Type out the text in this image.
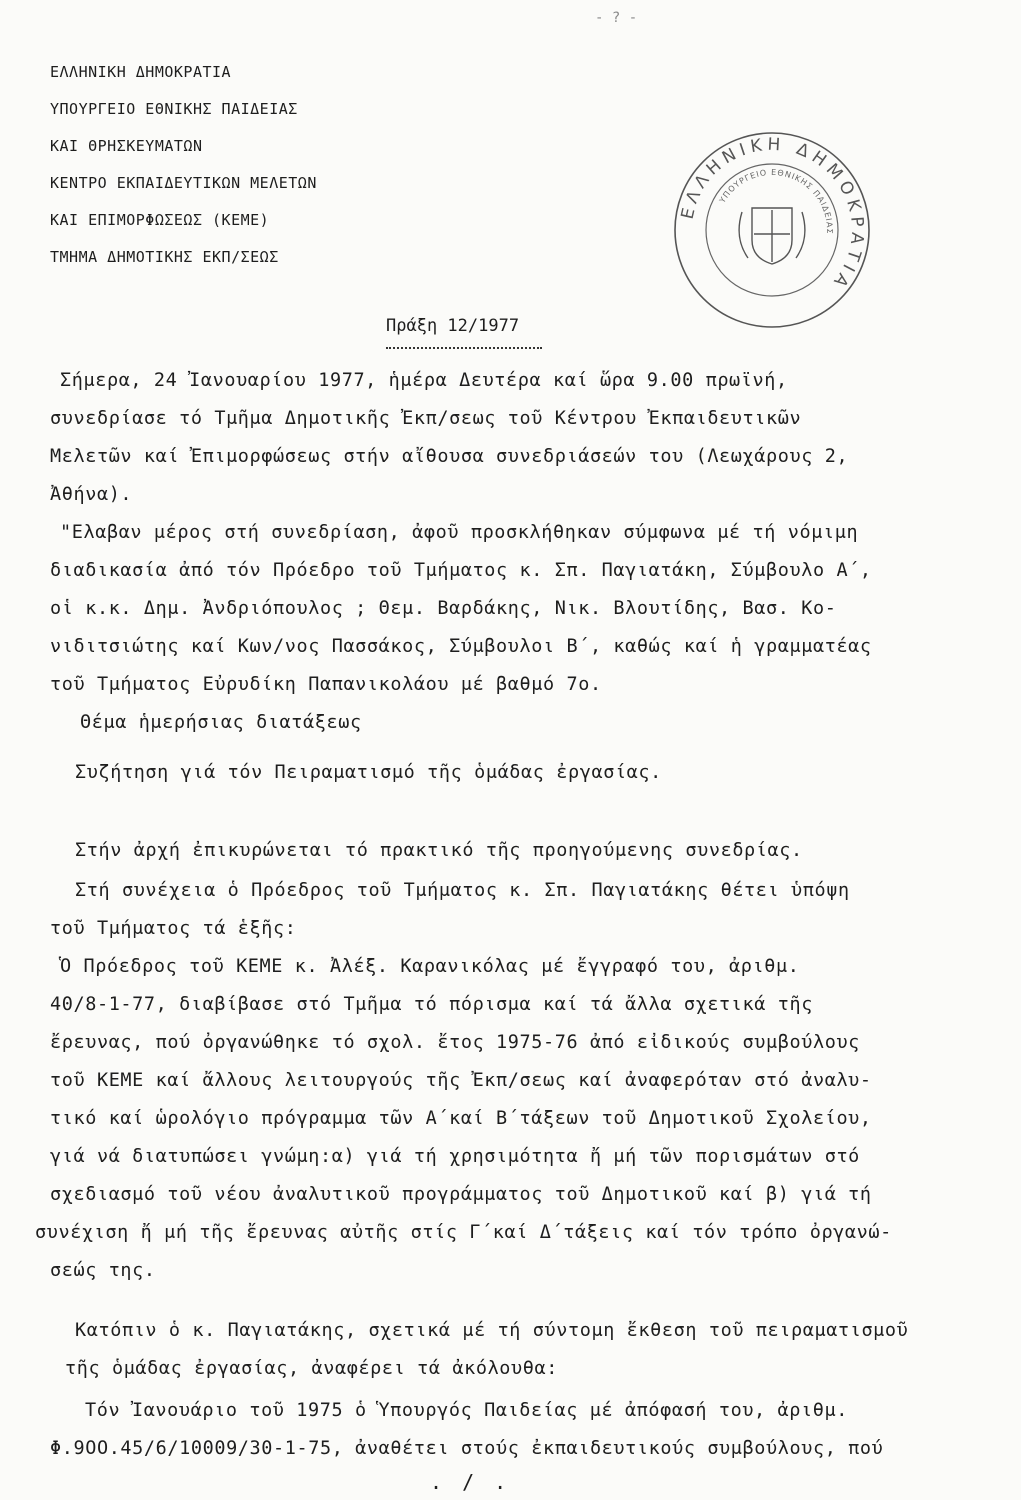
- ? -
ΕΛΛΗΝΙΚΗ ΔΗΜΟΚΡΑΤΙΑ
ΥΠΟΥΡΓΕΙΟ ΕΘΝΙΚΗΣ ΠΑΙΔΕΙΑΣ
ΚΑΙ ΘΡΗΣΚΕΥΜΑΤΩΝ
ΚΕΝΤΡΟ ΕΚΠΑΙΔΕΥΤΙΚΩΝ ΜΕΛΕΤΩΝ
ΚΑΙ ΕΠΙΜΟΡΦΩΣΕΩΣ (ΚΕΜΕ)
ΤΜΗΜΑ ΔΗΜΟΤΙΚΗΣ ΕΚΠ/ΣΕΩΣ
ΕΛΛΗΝΙΚΗ ΔΗΜΟΚΡΑΤΙΑ
ΥΠΟΥΡΓΕΙΟ ΕΘΝΙΚΗΣ ΠΑΙΔΕΙΑΣ
Πράξη 12/1977
Σήμερα, 24 Ἰανουαρίου 1977, ἡμέρα Δευτέρα καί ὥρα 9.00 πρωϊνή,
συνεδρίασε τό Τμῆμα Δημοτικῆς Ἐκπ/σεως τοῦ Κέντρου Ἐκπαιδευτικῶν
Μελετῶν καί Ἐπιμορφώσεως στήν αἴθουσα συνεδριάσεών του (Λεωχάρους 2,
Ἀθήνα).
"Ελαβαν μέρος στή συνεδρίαση, ἀφοῦ προσκλήθηκαν σύμφωνα μέ τή νόμιμη
διαδικασία ἀπό τόν Πρόεδρο τοῦ Τμήματος κ. Σπ. Παγιατάκη, Σύμβουλο Α΄,
οἱ κ.κ. Δημ. Ἀνδριόπουλος ; Θεμ. Βαρδάκης, Νικ. Βλουτίδης, Βασ. Κο-
νιδιτσιώτης καί Κων/νος Πασσάκος, Σύμβουλοι Β΄, καθώς καί ἡ γραμματέας
τοῦ Τμήματος Εὐρυδίκη Παπανικολάου μέ βαθμό 7ο.
Θέμα ἡμερήσιας διατάξεως
Συζήτηση γιά τόν Πειραματισμό τῆς ὁμάδας ἐργασίας.
Στήν ἀρχή ἐπικυρώνεται τό πρακτικό τῆς προηγούμενης συνεδρίας.
Στή συνέχεια ὁ Πρόεδρος τοῦ Τμήματος κ. Σπ. Παγιατάκης θέτει ὑπόψη
τοῦ Τμήματος τά ἑξῆς:
Ὁ Πρόεδρος τοῦ ΚΕΜΕ κ. Ἀλέξ. Καρανικόλας μέ ἔγγραφό του, ἀριθμ.
40/8-1-77, διαβίβασε στό Τμῆμα τό πόρισμα καί τά ἄλλα σχετικά τῆς
ἔρευνας, πού ὀργανώθηκε τό σχολ. ἔτος 1975-76 ἀπό εἰδικούς συμβούλους
τοῦ ΚΕΜΕ καί ἄλλους λειτουργούς τῆς Ἐκπ/σεως καί ἀναφερόταν στό ἀναλυ-
τικό καί ὡρολόγιο πρόγραμμα τῶν Α΄καί Β΄τάξεων τοῦ Δημοτικοῦ Σχολείου,
γιά νά διατυπώσει γνώμη:α) γιά τή χρησιμότητα ἤ μή τῶν πορισμάτων στό
σχεδιασμό τοῦ νέου ἀναλυτικοῦ προγράμματος τοῦ Δημοτικοῦ καί β) γιά τή
συνέχιση ἤ μή τῆς ἔρευνας αὐτῆς στίς Γ΄καί Δ΄τάξεις καί τόν τρόπο ὀργανώ-
σεώς της.
Κατόπιν ὁ κ. Παγιατάκης, σχετικά μέ τή σύντομη ἔκθεση τοῦ πειραματισμοῦ
τῆς ὁμάδας ἐργασίας, ἀναφέρει τά ἀκόλουθα:
Τόν Ἰανουάριο τοῦ 1975 ὁ Ὑπουργός Παιδείας μέ ἀπόφασή του, ἀριθμ.
Φ.9ΟΟ.45/6/10009/30-1-75, ἀναθέτει στούς ἐκπαιδευτικούς συμβούλους, πού
. / .
